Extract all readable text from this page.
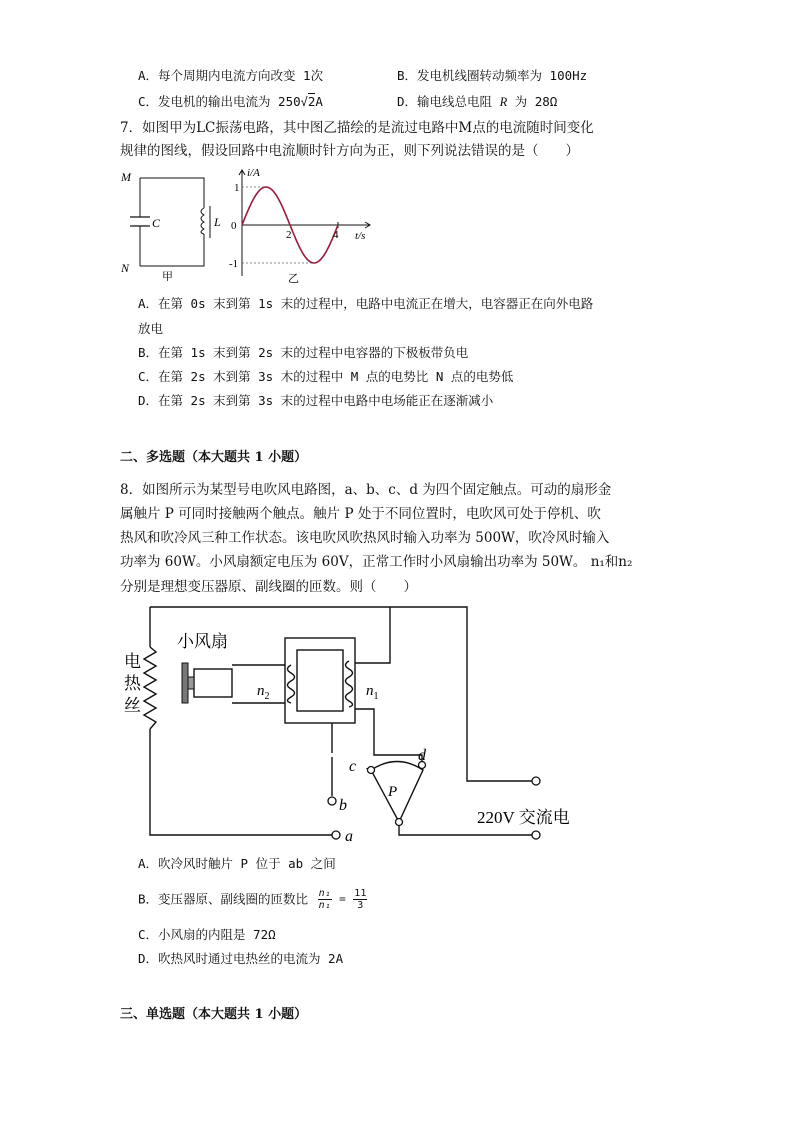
A．每个周期内电流方向改变 1次	B．发电机线圈转动频率为 100Hz
C．发电机的输出电流为 250√2A	D．输电线总电阻 R 为 28Ω
7．如图甲为LC振荡电路，其中图乙描绘的是流过电路中M点的电流随时间变化
规律的图线，假设回路中电流顺时针方向为正，则下列说法错误的是（　　）
M
N
C	L
甲
i/A
t/s
0
1
-1
2	4
乙
A．在第 0s 末到第 1s 末的过程中，电路中电流正在增大，电容器正在向外电路
放电
B．在第 1s 末到第 2s 末的过程中电容器的下极板带负电
C．在第 2s 木到第 3s 木的过程中 M 点的电势比 N 点的电势低
D．在第 2s 末到第 3s 末的过程中电路中电场能正在逐渐减小
二、多选题（本大题共 1 小题）
8．如图所示为某型号电吹风电路图，a、b、c、d 为四个固定触点。可动的扇形金
属触片 P 可同时接触两个触点。触片 P 处于不同位置时，电吹风可处于停机、吹
热风和吹冷风三种工作状态。该电吹风吹热风时输入功率为 500W，吹冷风时输入
功率为 60W。小风扇额定电压为 60V，正常工作时小风扇输出功率为 50W。 n₁和n₂
分别是理想变压器原、副线圈的匝数。则（　　）
电
热
丝
小风扇
$n_2$	$n_1$
c
d
P
b
a
220V 交流电
A．吹冷风时触片 P 位于 ab 之间
B．变压器原、副线圈的匝数比 $\frac{\text{n₁}}{\text{n₁}} = \frac{11}{3}$
C．小风扇的内阻是 72Ω
D．吹热风时通过电热丝的电流为 2A
三、单选题（本大题共 1 小题）
